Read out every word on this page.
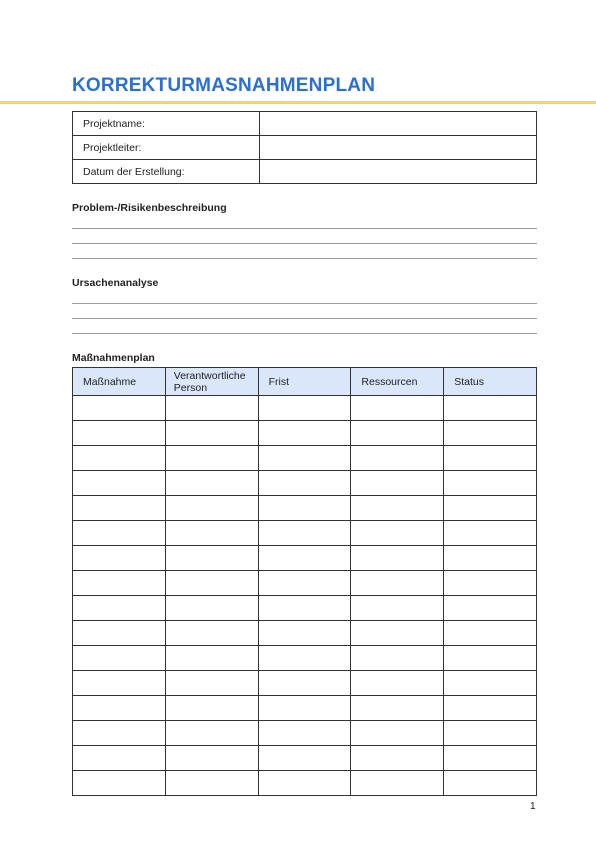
KORREKTURMASNAHMENPLAN
Projektname:	
Projektleiter:	
Datum der Erstellung:	
Problem-/Risikenbeschreibung
Ursachenanalyse
Maßnahmenplan
Maßnahme	Verantwortliche Person	Frist	Ressourcen	Status

1
